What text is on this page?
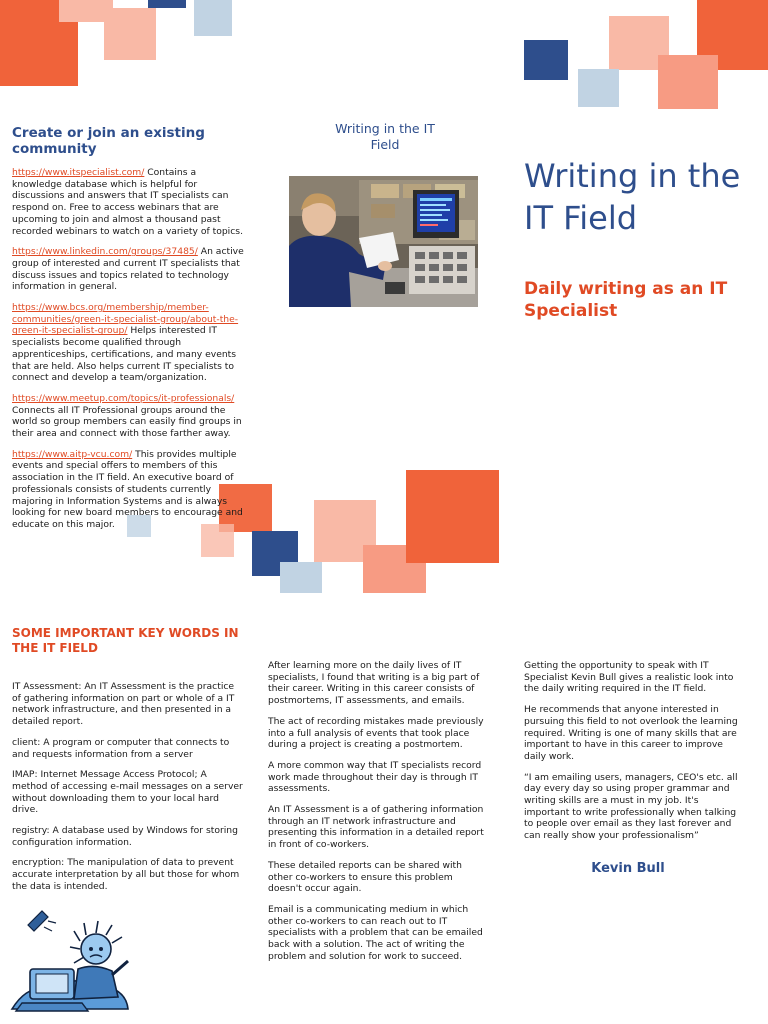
Create or join an existing community

https://www.itspecialist.com/ Contains a knowledge database which is helpful for discussions and answers that IT specialists can respond on. Free to access webinars that are upcoming to join and almost a thousand past recorded webinars to watch on a variety of topics.

https://www.linkedin.com/groups/37485/ An active group of interested and current IT specialists that discuss issues and topics related to technology information in general.

https://www.bcs.org/membership/member-communities/green-it-specialist-group/about-the-green-it-specialist-group/ Helps interested IT specialists become qualified through apprenticeships, certifications, and many events that are held. Also helps current IT specialists to connect and develop a team/organization.

https://www.meetup.com/topics/it-professionals/ Connects all IT Professional groups around the world so group members can easily find groups in their area and connect with those farther away.

https://www.aitp-vcu.com/ This provides multiple events and special offers to members of this association in the IT field. An executive board of professionals consists of students currently majoring in Information Systems and is always looking for new board members to encourage and educate on this major.

Writing in the IT Field
Writing in the IT Field
Daily writing as an IT Specialist
SOME IMPORTANT KEY WORDS IN THE IT FIELD

IT Assessment: An IT Assessment is the practice of gathering information on part or whole of a IT network infrastructure, and then presented in a detailed report.

client: A program or computer that connects to and requests information from a server

IMAP: Internet Message Access Protocol; A method of accessing e-mail messages on a server without downloading them to your local hard drive.

registry: A database used by Windows for storing configuration information.

encryption: The manipulation of data to prevent accurate interpretation by all but those for whom the data is intended.

After learning more on the daily lives of IT specialists, I found that writing is a big part of their career. Writing in this career consists of postmortems, IT assessments, and emails.

The act of recording mistakes made previously into a full analysis of events that took place during a project is creating a postmortem.

A more common way that IT specialists record work made throughout their day is through IT assessments.

An IT Assessment is a of gathering information through an IT network infrastructure and presenting this information in a detailed report in front of co-workers.

These detailed reports can be shared with other co-workers to ensure this problem doesn't occur again.

Email is a communicating medium in which other co-workers to can reach out to IT specialists with a problem that can be emailed back with a solution. The act of writing the problem and solution for work to succeed.

Getting the opportunity to speak with IT Specialist Kevin Bull gives a realistic look into the daily writing required in the IT field.

He recommends that anyone interested in pursuing this field to not overlook the learning required. Writing is one of many skills that are important to have in this career to improve daily work.

“I am emailing users, managers, CEO's etc. all day every day so using proper grammar and writing skills are a must in my job. It's important to write professionally when talking to people over email as they last forever and can really show your professionalism”

Kevin Bull
